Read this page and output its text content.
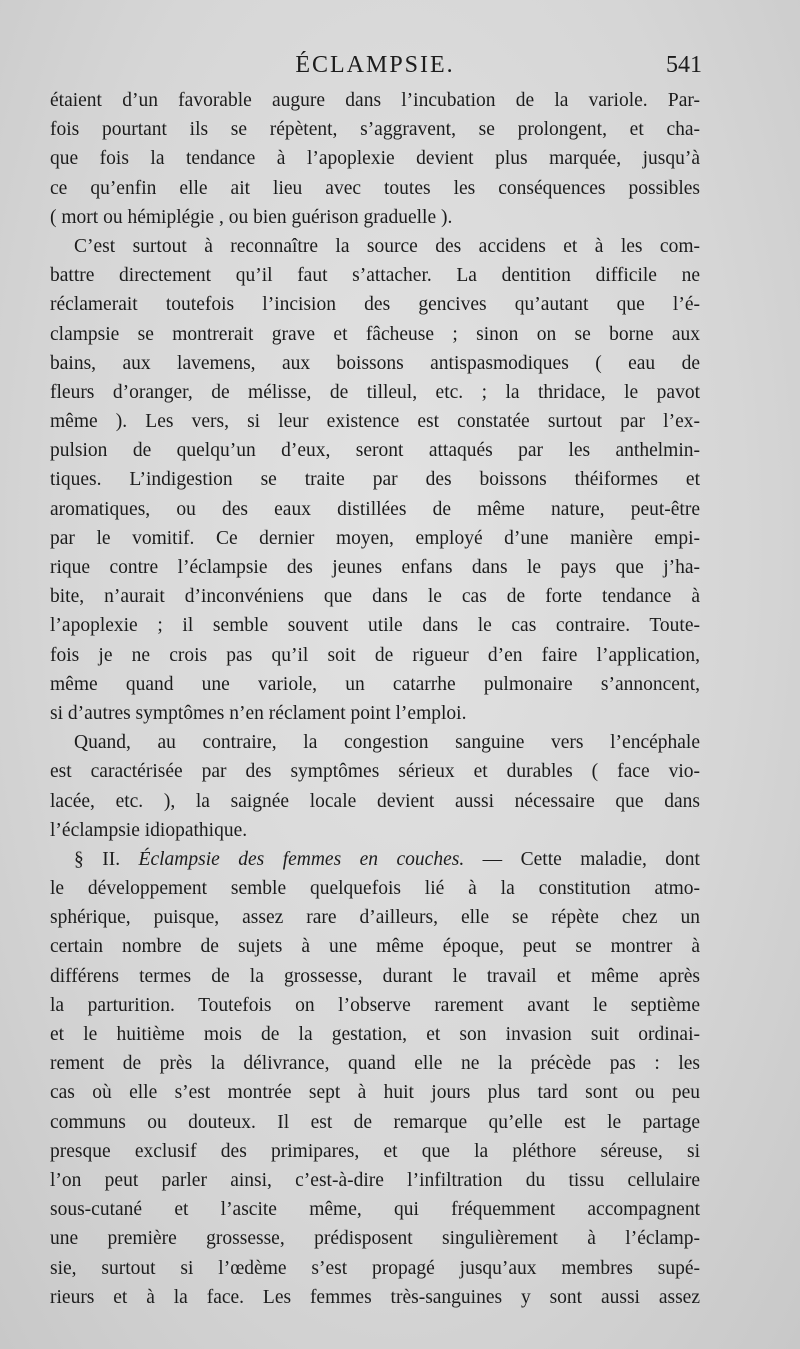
ÉCLAMPSIE.	541
étaient d’un favorable augure dans l’incubation de la variole. Par-
fois pourtant ils se répètent, s’aggravent, se prolongent, et cha-
que fois la tendance à l’apoplexie devient plus marquée, jusqu’à
ce qu’enfin elle ait lieu avec toutes les conséquences possibles
( mort ou hémiplégie , ou bien guérison graduelle ).
C’est surtout à reconnaître la source des accidens et à les com-
battre directement qu’il faut s’attacher. La dentition difficile ne
réclamerait toutefois l’incision des gencives qu’autant que l’é-
clampsie se montrerait grave et fâcheuse ; sinon on se borne aux
bains, aux lavemens, aux boissons antispasmodiques ( eau de
fleurs d’oranger, de mélisse, de tilleul, etc. ; la thridace, le pavot
même ). Les vers, si leur existence est constatée surtout par l’ex-
pulsion de quelqu’un d’eux, seront attaqués par les anthelmin-
tiques. L’indigestion se traite par des boissons théiformes et
aromatiques, ou des eaux distillées de même nature, peut-être
par le vomitif. Ce dernier moyen, employé d’une manière empi-
rique contre l’éclampsie des jeunes enfans dans le pays que j’ha-
bite, n’aurait d’inconvéniens que dans le cas de forte tendance à
l’apoplexie ; il semble souvent utile dans le cas contraire. Toute-
fois je ne crois pas qu’il soit de rigueur d’en faire l’application,
même quand une variole, un catarrhe pulmonaire s’annoncent,
si d’autres symptômes n’en réclament point l’emploi.
Quand, au contraire, la congestion sanguine vers l’encéphale
est caractérisée par des symptômes sérieux et durables ( face vio-
lacée, etc. ), la saignée locale devient aussi nécessaire que dans
l’éclampsie idiopathique.
§ II. Éclampsie des femmes en couches. — Cette maladie, dont
le développement semble quelquefois lié à la constitution atmo-
sphérique, puisque, assez rare d’ailleurs, elle se répète chez un
certain nombre de sujets à une même époque, peut se montrer à
différens termes de la grossesse, durant le travail et même après
la parturition. Toutefois on l’observe rarement avant le septième
et le huitième mois de la gestation, et son invasion suit ordinai-
rement de près la délivrance, quand elle ne la précède pas : les
cas où elle s’est montrée sept à huit jours plus tard sont ou peu
communs ou douteux. Il est de remarque qu’elle est le partage
presque exclusif des primipares, et que la pléthore séreuse, si
l’on peut parler ainsi, c’est-à-dire l’infiltration du tissu cellulaire
sous-cutané et l’ascite même, qui fréquemment accompagnent
une première grossesse, prédisposent singulièrement à l’éclamp-
sie, surtout si l’œdème s’est propagé jusqu’aux membres supé-
rieurs et à la face. Les femmes très-sanguines y sont aussi assez
